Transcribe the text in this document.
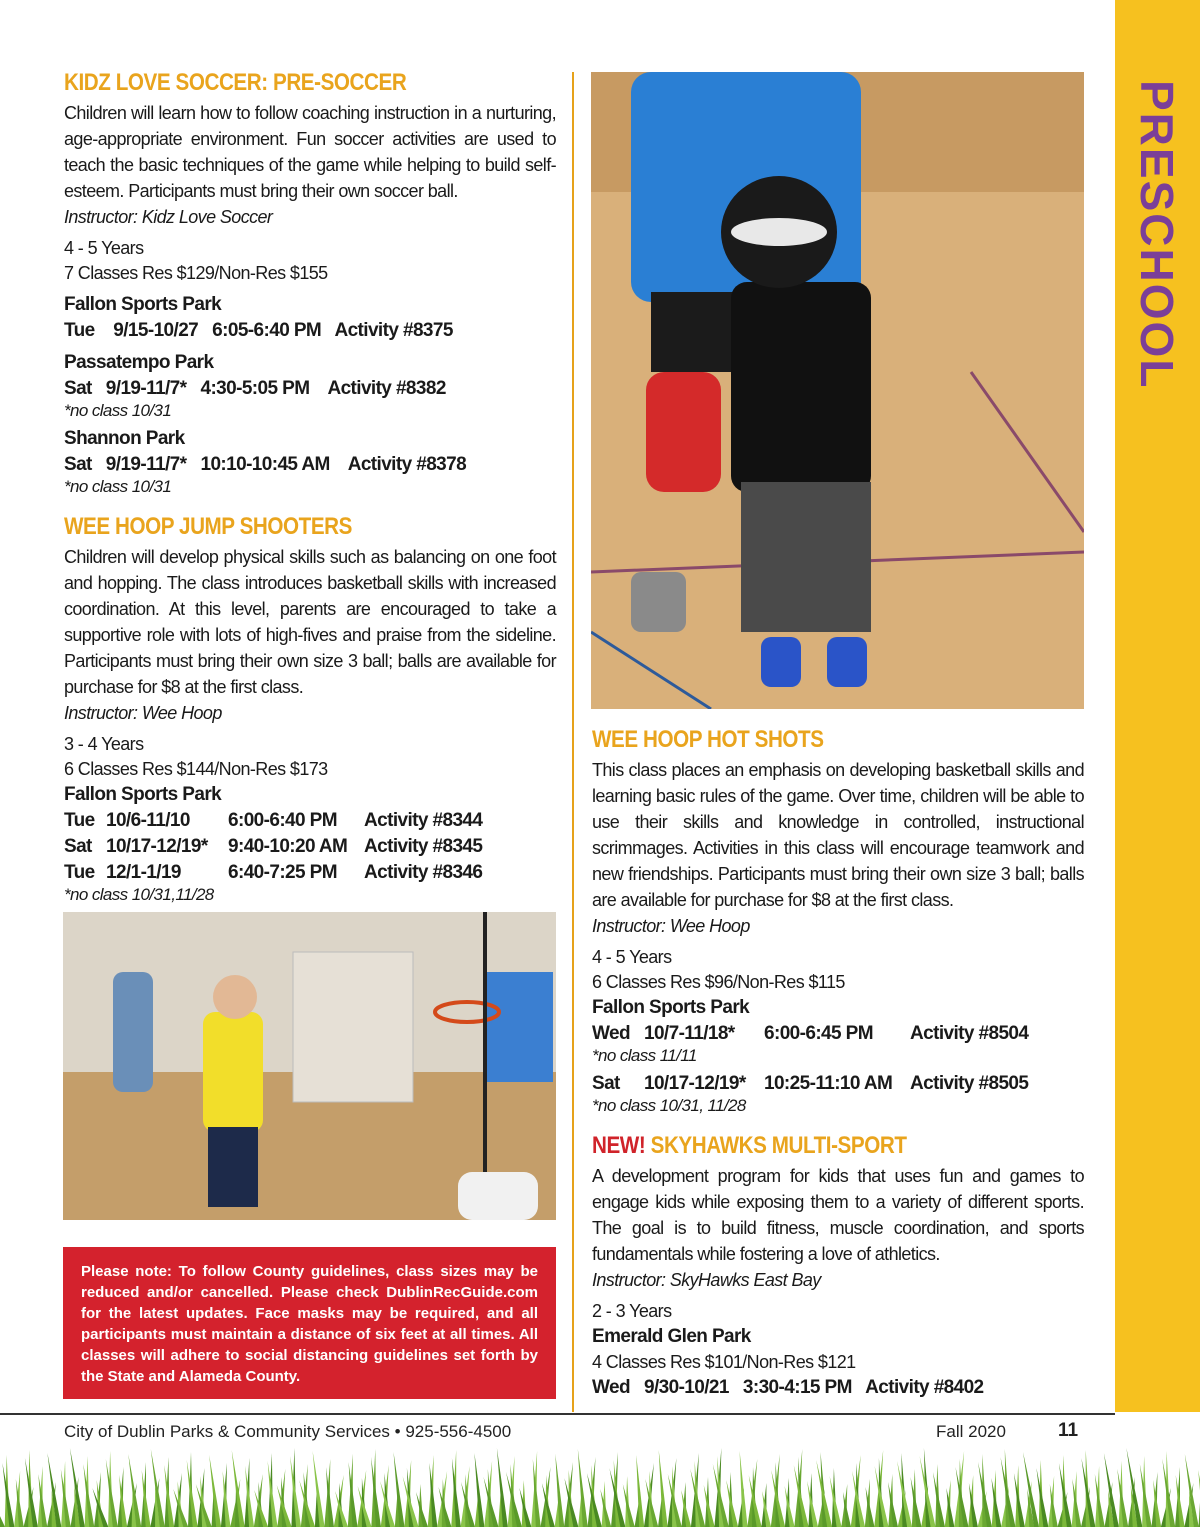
PRESCHOOL
KIDZ LOVE SOCCER: PRE-SOCCER

Children will learn how to follow coaching instruction in a nurturing, age-appropriate environment. Fun soccer activities are used to teach the basic techniques of the game while helping to build self-esteem. Participants must bring their own soccer ball.

Instructor: Kidz Love Soccer

4 - 5 Years

7 Classes Res $129/Non-Res $155

Fallon Sports Park

Tue    9/15-10/27   6:05-6:40 PM   Activity #8375

Passatempo Park

Sat   9/19-11/7*   4:30-5:05 PM    Activity #8382

*no class 10/31

Shannon Park

Sat   9/19-11/7*   10:10-10:45 AM    Activity #8378

*no class 10/31

WEE HOOP JUMP SHOOTERS

Children will develop physical skills such as balancing on one foot and hopping. The class introduces basketball skills with increased coordination. At this level, parents are encouraged to take a supportive role with lots of high-fives and praise from the sideline. Participants must bring their own size 3 ball; balls are available for purchase for $8 at the first class.

Instructor: Wee Hoop

3 - 4 Years

6 Classes Res $144/Non-Res $173

Fallon Sports Park

Tue 10/6-11/10	6:00-6:40 PM	Activity #8344
Sat 10/17-12/19*	9:40-10:20 AM Activity #8345
Tue 12/1-1/19	6:40-7:25 PM	Activity #8346

*no class 10/31,11/28

Please note: To follow County guidelines, class sizes may be reduced and/or cancelled. Please check DublinRecGuide.com for the latest updates. Face masks may be required, and all participants must maintain a distance of six feet at all times. All classes will adhere to social distancing guidelines set forth by the State and Alameda County.
WEE HOOP HOT SHOTS

This class places an emphasis on developing basketball skills and learning basic rules of the game. Over time, children will be able to use their skills and knowledge in controlled, instructional scrimmages. Activities in this class will encourage teamwork and new friendships. Participants must bring their own size 3 ball; balls are available for purchase for $8 at the first class.

Instructor: Wee Hoop

4 - 5 Years

6 Classes Res $96/Non-Res $115

Fallon Sports Park

Wed 10/7-11/18*	6:00-6:45 PM	Activity #8504

*no class 11/11

Sat	10/17-12/19* 10:25-11:10 AM Activity #8505

*no class 10/31, 11/28

NEW! SKYHAWKS MULTI-SPORT

A development program for kids that uses fun and games to engage kids while exposing them to a variety of different sports. The goal is to build fitness, muscle coordination, and sports fundamentals while fostering a love of athletics.

Instructor: SkyHawks East Bay

2 - 3 Years

Emerald Glen Park

4 Classes Res $101/Non-Res $121

Wed   9/30-10/21   3:30-4:15 PM   Activity #8402

City of Dublin Parks & Community Services • 925-556-4500	Fall 2020	11
